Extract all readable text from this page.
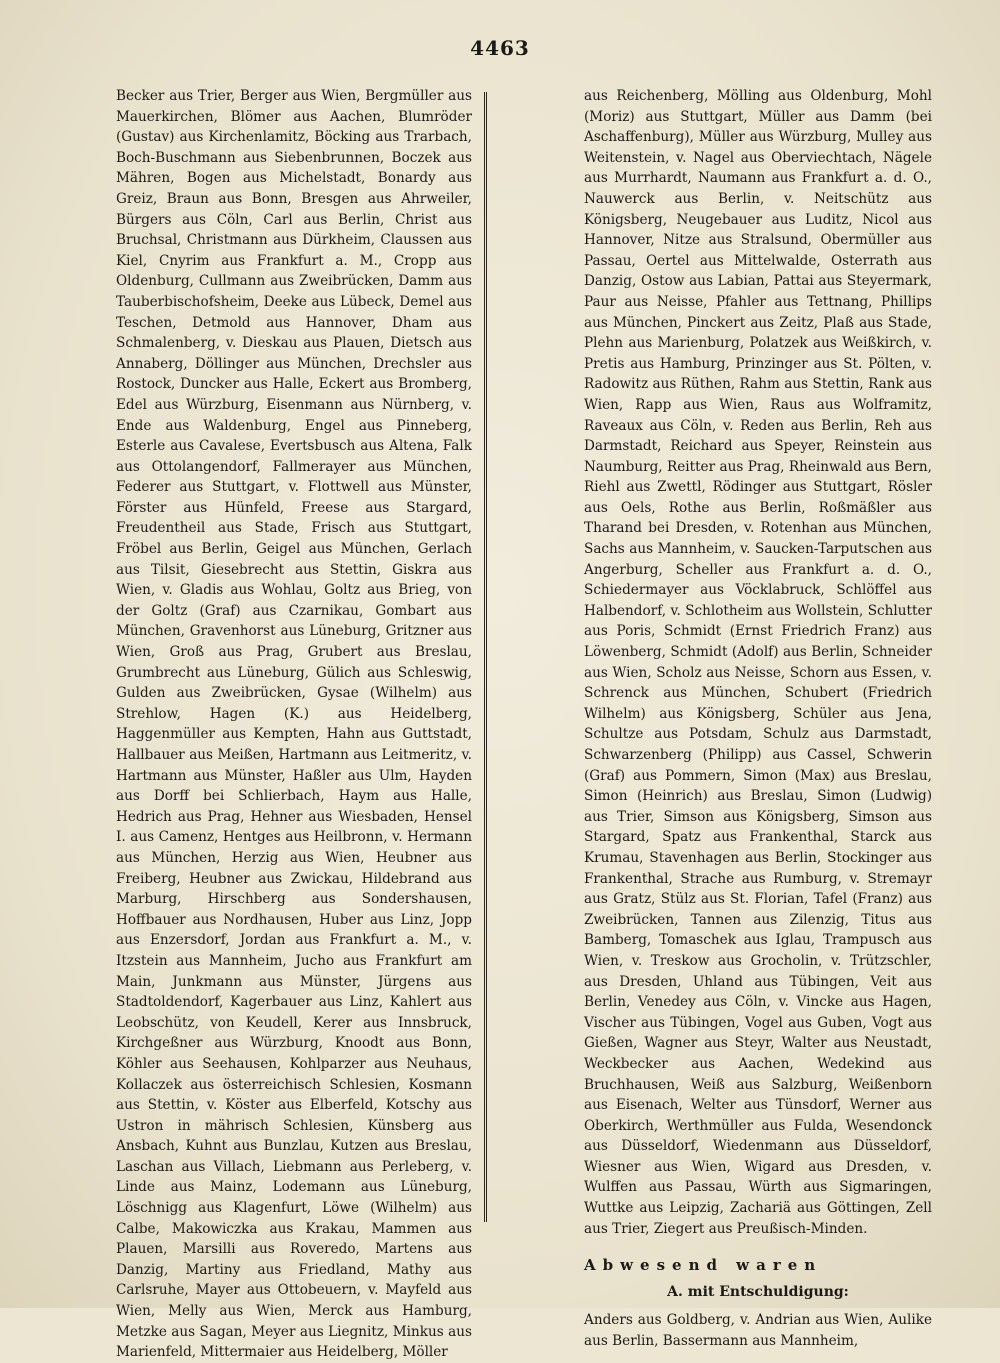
4463

Becker aus Trier, Berger aus Wien, Bergmüller aus Mauerkirchen, Blömer aus Aachen, Blumröder (Gustav) aus Kirchenlamitz, Böcking aus Trarbach, Boch-Buschmann aus Siebenbrunnen, Boczek aus Mähren, Bogen aus Michelstadt, Bonardy aus Greiz, Braun aus Bonn, Bresgen aus Ahrweiler, Bürgers aus Cöln, Carl aus Berlin, Christ aus Bruchsal, Christmann aus Dürkheim, Claussen aus Kiel, Cnyrim aus Frankfurt a. M., Cropp aus Oldenburg, Cullmann aus Zweibrücken, Damm aus Tauberbischofsheim, Deeke aus Lübeck, Demel aus Teschen, Detmold aus Hannover, Dham aus Schmalenberg, v. Dieskau aus Plauen, Dietsch aus Annaberg, Döllinger aus München, Drechsler aus Rostock, Duncker aus Halle, Eckert aus Bromberg, Edel aus Würzburg, Eisenmann aus Nürnberg, v. Ende aus Waldenburg, Engel aus Pinneberg, Esterle aus Cavalese, Evertsbusch aus Altena, Falk aus Ottolangendorf, Fallmerayer aus München, Federer aus Stuttgart, v. Flottwell aus Münster, Förster aus Hünfeld, Freese aus Stargard, Freudentheil aus Stade, Frisch aus Stuttgart, Fröbel aus Berlin, Geigel aus München, Gerlach aus Tilsit, Giesebrecht aus Stettin, Giskra aus Wien, v. Gladis aus Wohlau, Goltz aus Brieg, von der Goltz (Graf) aus Czarnikau, Gombart aus München, Gravenhorst aus Lüneburg, Gritzner aus Wien, Groß aus Prag, Grubert aus Breslau, Grumbrecht aus Lüneburg, Gülich aus Schleswig, Gulden aus Zweibrücken, Gysae (Wilhelm) aus Strehlow, Hagen (K.) aus Heidelberg, Haggenmüller aus Kempten, Hahn aus Guttstadt, Hallbauer aus Meißen, Hartmann aus Leitmeritz, v. Hartmann aus Münster, Haßler aus Ulm, Hayden aus Dorff bei Schlierbach, Haym aus Halle, Hedrich aus Prag, Hehner aus Wiesbaden, Hensel I. aus Camenz, Hentges aus Heilbronn, v. Hermann aus München, Herzig aus Wien, Heubner aus Freiberg, Heubner aus Zwickau, Hildebrand aus Marburg, Hirschberg aus Sondershausen, Hoffbauer aus Nordhausen, Huber aus Linz, Jopp aus Enzersdorf, Jordan aus Frankfurt a. M., v. Itzstein aus Mannheim, Jucho aus Frankfurt am Main, Junkmann aus Münster, Jürgens aus Stadtoldendorf, Kagerbauer aus Linz, Kahlert aus Leobschütz, von Keudell, Kerer aus Innsbruck, Kirchgeßner aus Würzburg, Knoodt aus Bonn, Köhler aus Seehausen, Kohlparzer aus Neuhaus, Kollaczek aus österreichisch Schlesien, Kosmann aus Stettin, v. Köster aus Elberfeld, Kotschy aus Ustron in mährisch Schlesien, Künsberg aus Ansbach, Kuhnt aus Bunzlau, Kutzen aus Breslau, Laschan aus Villach, Liebmann aus Perleberg, v. Linde aus Mainz, Lodemann aus Lüneburg, Löschnigg aus Klagenfurt, Löwe (Wilhelm) aus Calbe, Makowiczka aus Krakau, Mammen aus Plauen, Marsilli aus Roveredo, Martens aus Danzig, Martiny aus Friedland, Mathy aus Carlsruhe, Mayer aus Ottobeuern, v. Mayfeld aus Wien, Melly aus Wien, Merck aus Hamburg, Metzke aus Sagan, Meyer aus Liegnitz, Minkus aus Marienfeld, Mittermaier aus Heidelberg, Möller

aus Reichenberg, Mölling aus Oldenburg, Mohl (Moriz) aus Stuttgart, Müller aus Damm (bei Aschaffenburg), Müller aus Würzburg, Mulley aus Weitenstein, v. Nagel aus Oberviechtach, Nägele aus Murrhardt, Naumann aus Frankfurt a. d. O., Nauwerck aus Berlin, v. Neitschütz aus Königsberg, Neugebauer aus Luditz, Nicol aus Hannover, Nitze aus Stralsund, Obermüller aus Passau, Oertel aus Mittelwalde, Osterrath aus Danzig, Ostow aus Labian, Pattai aus Steyermark, Paur aus Neisse, Pfahler aus Tettnang, Phillips aus München, Pinckert aus Zeitz, Plaß aus Stade, Plehn aus Marienburg, Polatzek aus Weißkirch, v. Pretis aus Hamburg, Prinzinger aus St. Pölten, v. Radowitz aus Rüthen, Rahm aus Stettin, Rank aus Wien, Rapp aus Wien, Raus aus Wolframitz, Raveaux aus Cöln, v. Reden aus Berlin, Reh aus Darmstadt, Reichard aus Speyer, Reinstein aus Naumburg, Reitter aus Prag, Rheinwald aus Bern, Riehl aus Zwettl, Rödinger aus Stuttgart, Rösler aus Oels, Rothe aus Berlin, Roßmäßler aus Tharand bei Dresden, v. Rotenhan aus München, Sachs aus Mannheim, v. Saucken-Tarputschen aus Angerburg, Scheller aus Frankfurt a. d. O., Schiedermayer aus Vöcklabruck, Schlöffel aus Halbendorf, v. Schlotheim aus Wollstein, Schlutter aus Poris, Schmidt (Ernst Friedrich Franz) aus Löwenberg, Schmidt (Adolf) aus Berlin, Schneider aus Wien, Scholz aus Neisse, Schorn aus Essen, v. Schrenck aus München, Schubert (Friedrich Wilhelm) aus Königsberg, Schüler aus Jena, Schultze aus Potsdam, Schulz aus Darmstadt, Schwarzenberg (Philipp) aus Cassel, Schwerin (Graf) aus Pommern, Simon (Max) aus Breslau, Simon (Heinrich) aus Breslau, Simon (Ludwig) aus Trier, Simson aus Königsberg, Simson aus Stargard, Spatz aus Frankenthal, Starck aus Krumau, Stavenhagen aus Berlin, Stockinger aus Frankenthal, Strache aus Rumburg, v. Stremayr aus Gratz, Stülz aus St. Florian, Tafel (Franz) aus Zweibrücken, Tannen aus Zilenzig, Titus aus Bamberg, Tomaschek aus Iglau, Trampusch aus Wien, v. Treskow aus Grocholin, v. Trützschler, aus Dresden, Uhland aus Tübingen, Veit aus Berlin, Venedey aus Cöln, v. Vincke aus Hagen, Vischer aus Tübingen, Vogel aus Guben, Vogt aus Gießen, Wagner aus Steyr, Walter aus Neustadt, Weckbecker aus Aachen, Wedekind aus Bruchhausen, Weiß aus Salzburg, Weißenborn aus Eisenach, Welter aus Tünsdorf, Werner aus Oberkirch, Werthmüller aus Fulda, Wesendonck aus Düsseldorf, Wiedenmann aus Düsseldorf, Wiesner aus Wien, Wigard aus Dresden, v. Wulffen aus Passau, Würth aus Sigmaringen, Wuttke aus Leipzig, Zachariä aus Göttingen, Zell aus Trier, Ziegert aus Preußisch-Minden.

Abwesend waren
A. mit Entschuldigung:

Anders aus Goldberg, v. Andrian aus Wien, Aulike aus Berlin, Bassermann aus Mannheim,
